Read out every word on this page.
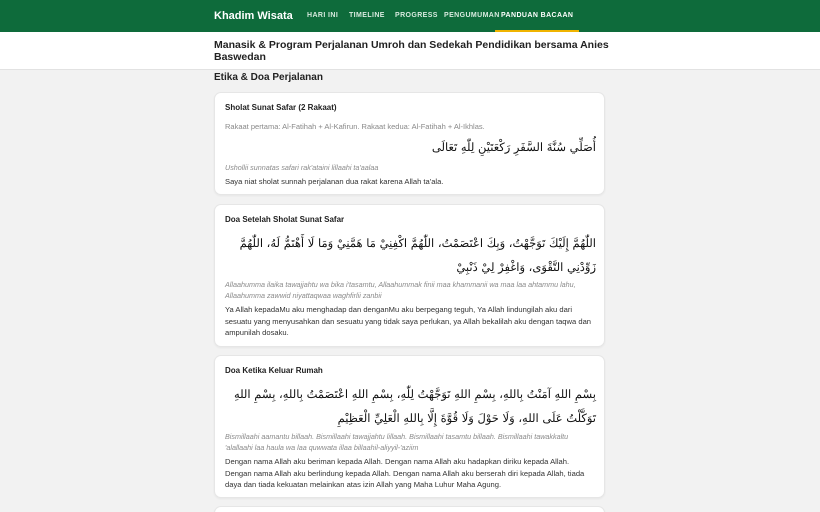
Khadim Wisata HARI INI TIMELINE PROGRESS PENGUMUMAN PANDUAN BACAAN
Manasik & Program Perjalanan Umroh dan Sedekah Pendidikan bersama Anies Baswedan
Etika & Doa Perjalanan
Sholat Sunat Safar (2 Rakaat)
Rakaat pertama: Al-Fatihah + Al-Kafirun. Rakaat kedua: Al-Fatihah + Al-Ikhlas.
أُصَلِّي سُنَّةَ السَّفَرِ رَكْعَتَيْنِ لِلّٰهِ تَعَالَى
Ushollii sunnatas safari rak'ataini lillaahi ta'aalaa
Saya niat sholat sunnah perjalanan dua rakat karena Allah ta'ala.
Doa Setelah Sholat Sunat Safar
اللّٰهُمَّ إِلَيْكَ تَوَجَّهْتُ، وَبِكَ اعْتَصَمْتُ، اللّٰهُمَّ اكْفِنِيْ مَا هَمَّنِيْ وَمَا لَا أَهْتَمُّ لَهُ، اللّٰهُمَّ زَوِّدْنِي التَّقْوَى، وَاغْفِرْ لِيْ ذَنْبِيْ
Allaahumma ilaika tawajjahtu wa bika i'tasamtu, Allaahummak finii maa khammanii wa maa laa ahtammu lahu, Allaahumma zawwid niyattaqwaa waghfirlii zanbii
Ya Allah kepadaMu aku menghadap dan denganMu aku berpegang teguh, Ya Allah lindungilah aku dari sesuatu yang menyusahkan dan sesuatu yang tidak saya perlukan, ya Allah bekalilah aku dengan taqwa dan ampunilah dosaku.
Doa Ketika Keluar Rumah
بِسْمِ اللهِ آمَنْتُ بِاللهِ، بِسْمِ اللهِ تَوَجَّهْتُ لِلّٰهِ، بِسْمِ اللهِ اعْتَصَمْتُ بِاللهِ، بِسْمِ اللهِ تَوَكَّلْتُ عَلَى اللهِ، وَلَا حَوْلَ وَلَا قُوَّةَ إِلَّا بِاللهِ الْعَلِيِّ الْعَظِيْمِ
Bismillaahi aamantu billaah. Bismillaahi tawajjahtu lillaah. Bismillaahi tasamtu billaah. Bismillaahi tawakkaltu 'alallaahi laa haula wa laa quwwata illaa billaahil-aliyyil-'aziim
Dengan nama Allah aku beriman kepada Allah. Dengan nama Allah aku hadapkan diriku kepada Allah. Dengan nama Allah aku berlindung kepada Allah. Dengan nama Allah aku berserah diri kepada Allah, tiada daya dan tiada kekuatan melainkan atas izin Allah yang Maha Luhur Maha Agung.
